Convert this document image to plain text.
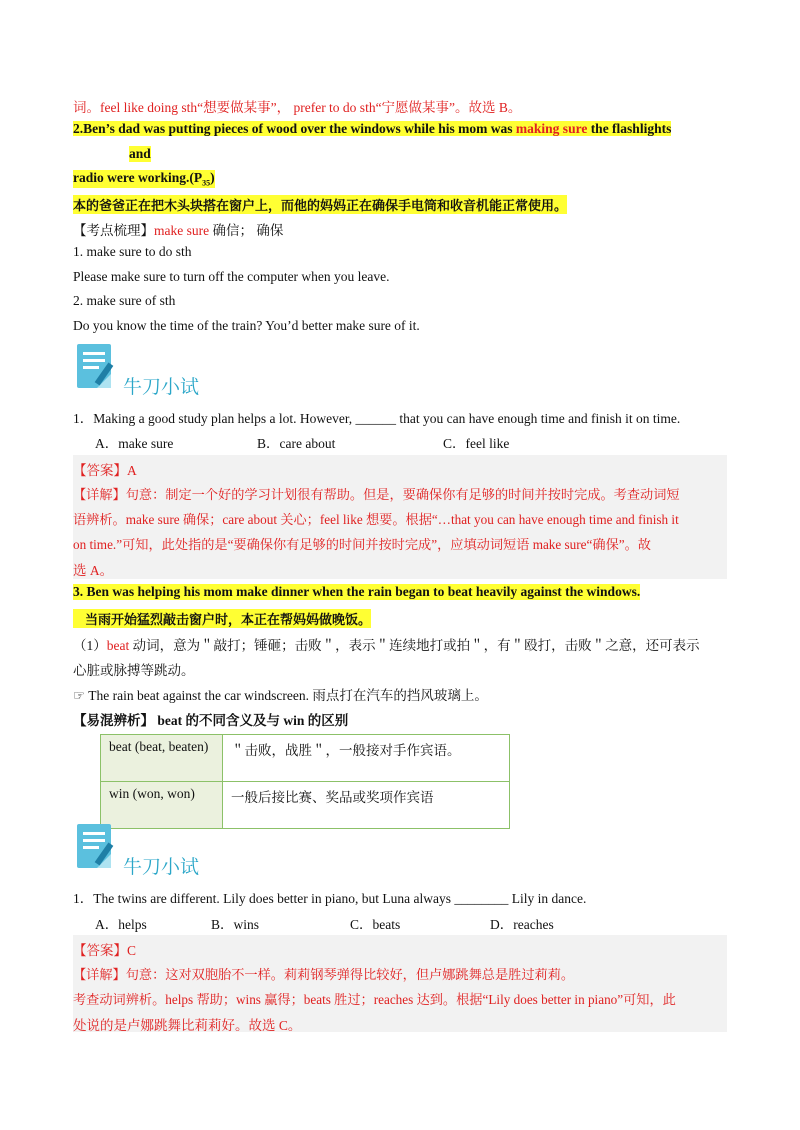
词。feel like doing sth“想要做某事”， prefer to do sth“宁愿做某事”。故选 B。
2.Ben’s dad was putting pieces of wood over the windows while his mom was making sure the flashlights
and
radio were $working.(P_{35})$
本的爸爸正在把木头块搭在窗户上，而他的妈妈正在确保手电筒和收音机能正常使用。
【考点梳理】make sure 确信； 确保
1. make sure to do sth
Please make sure to turn off the computer when you leave.
2. make sure of sth
Do you know the time of the train? You’d better make sure of it.
牛刀小试
1．Making a good study plan helps a lot. However, ______ that you can have enough time and finish it on time.
A．make sure	B．care about	C．feel like
【答案】A
【详解】句意：制定一个好的学习计划很有帮助。但是，要确保你有足够的时间并按时完成。考查动词短
语辨析。make sure 确保；care about 关心；feel like 想要。根据“…that you can have enough time and finish it
on time.”可知，此处指的是“要确保你有足够的时间并按时完成”，应填动词短语 make sure“确保”。故
选 A。
3. Ben was helping his mom make dinner when the rain began to beat heavily against the windows.
当雨开始猛烈敲击窗户时，本正在帮妈妈做晚饭。
（1）beat 动词，意为＂敲打；锤砸；击败＂，表示＂连续地打或拍＂，有＂殴打，击败＂之意，还可表示
心脏或脉搏等跳动。
☞ The rain beat against the car windscreen. 雨点打在汽车的挡风玻璃上。
【易混辨析】 beat 的不同含义及与 win 的区别
beat (beat, beaten)	＂击败，战胜＂，一般接对手作宾语。
win (won, won)	一般后接比赛、奖品或奖项作宾语
牛刀小试
1．The twins are different. Lily does better in piano, but Luna always ________ Lily in dance.
A．helps	B．wins	C．beats	D．reaches
【答案】C
【详解】句意：这对双胞胎不一样。莉莉钢琴弹得比较好，但卢娜跳舞总是胜过莉莉。
考查动词辨析。helps 帮助；wins 赢得；beats 胜过；reaches 达到。根据“Lily does better in piano”可知，此
处说的是卢娜跳舞比莉莉好。故选 C。
